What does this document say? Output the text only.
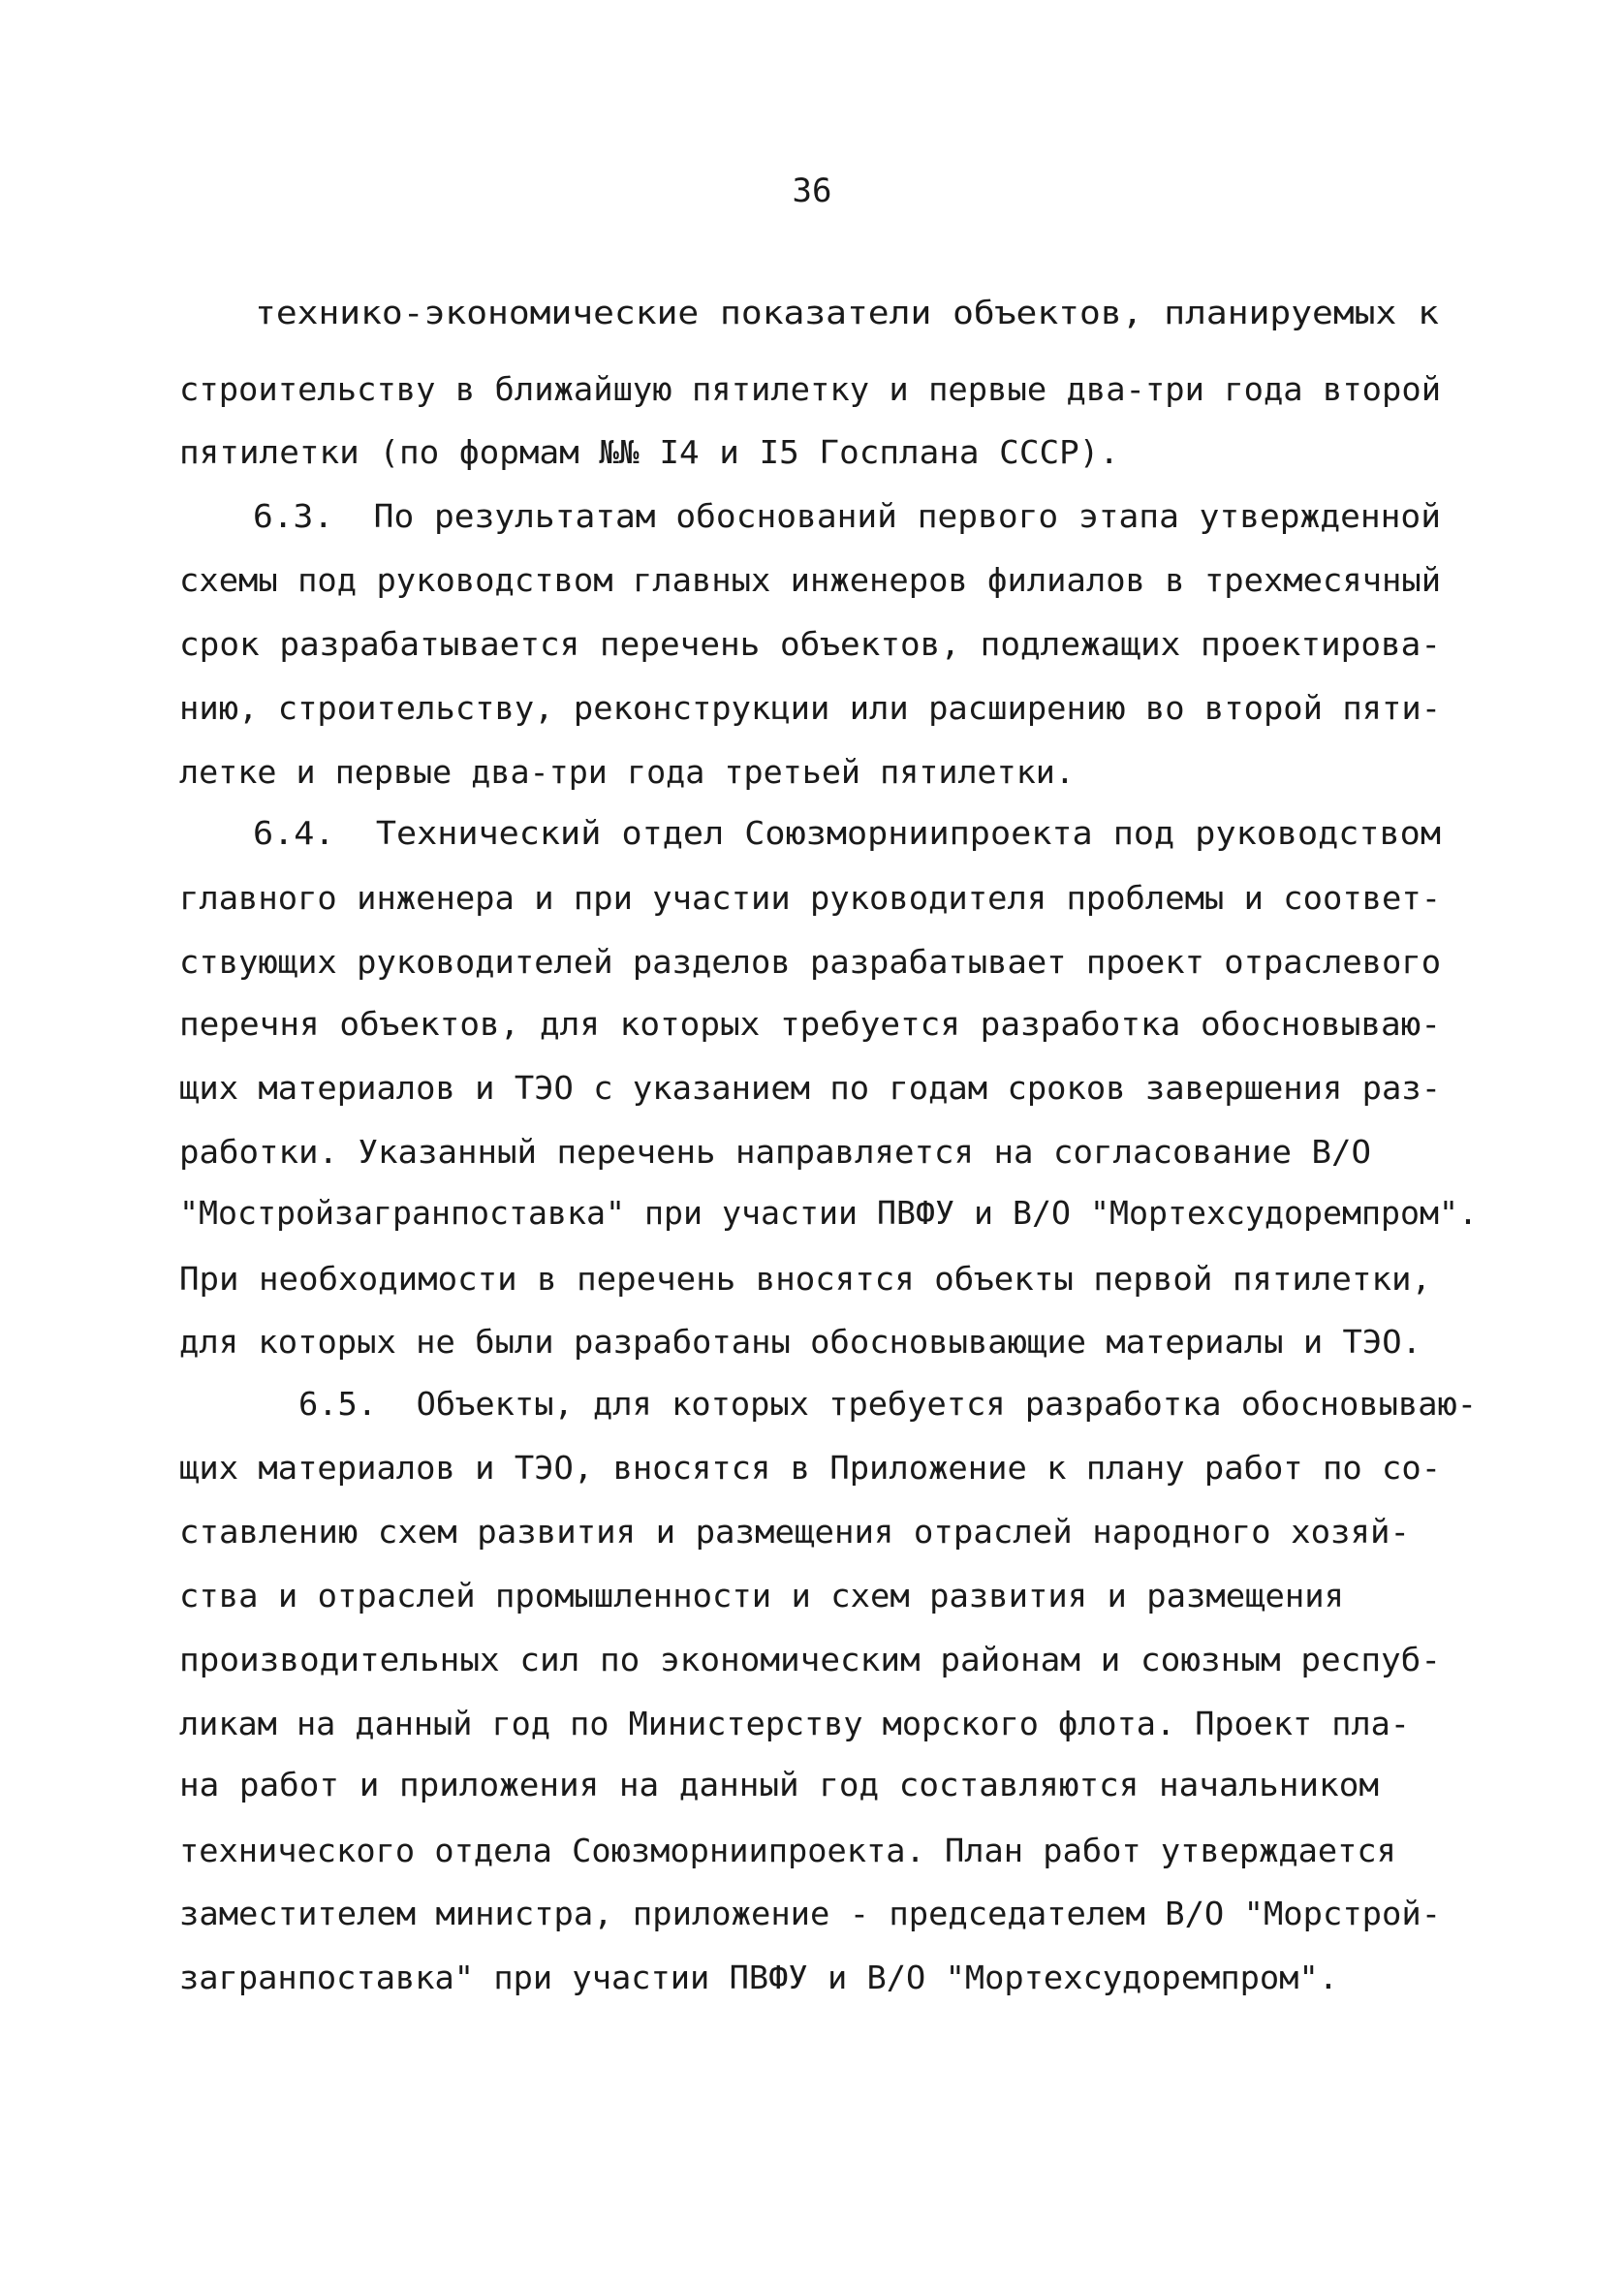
36
технико-экономические показатели объектов, планируемых к
строительству в ближайшую пятилетку и первые два-три года второй
пятилетки (по формам №№ I4 и I5 Госплана СССР).
6.3.  По результатам обоснований первого этапа утвержденной
схемы под руководством главных инженеров филиалов в трехмесячный
срок разрабатывается перечень объектов, подлежащих проектирова-
нию, строительству, реконструкции или расширению во второй пяти-
летке и первые два-три года третьей пятилетки.
6.4.  Технический отдел Союзморниипроекта под руководством
главного инженера и при участии руководителя проблемы и соответ-
ствующих руководителей разделов разрабатывает проект отраслевого
перечня объектов, для которых требуется разработка обосновываю-
щих материалов и ТЭО с указанием по годам сроков завершения раз-
работки. Указанный перечень направляется на согласование В/О
"Мостройзагранпоставка" при участии ПВФУ и В/О "Мортехсудоремпром".
При необходимости в перечень вносятся объекты первой пятилетки,
для которых не были разработаны обосновывающие материалы и ТЭО.
6.5.  Объекты, для которых требуется разработка обосновываю-
щих материалов и ТЭО, вносятся в Приложение к плану работ по со-
ставлению схем развития и размещения отраслей народного хозяй-
ства и отраслей промышленности и схем развития и размещения
производительных сил по экономическим районам и союзным респуб-
ликам на данный год по Министерству морского флота. Проект пла-
на работ и приложения на данный год составляются начальником
технического отдела Союзморниипроекта. План работ утверждается
заместителем министра, приложение - председателем В/О "Морстрой-
загранпоставка" при участии ПВФУ и В/О "Мортехсудоремпром".
